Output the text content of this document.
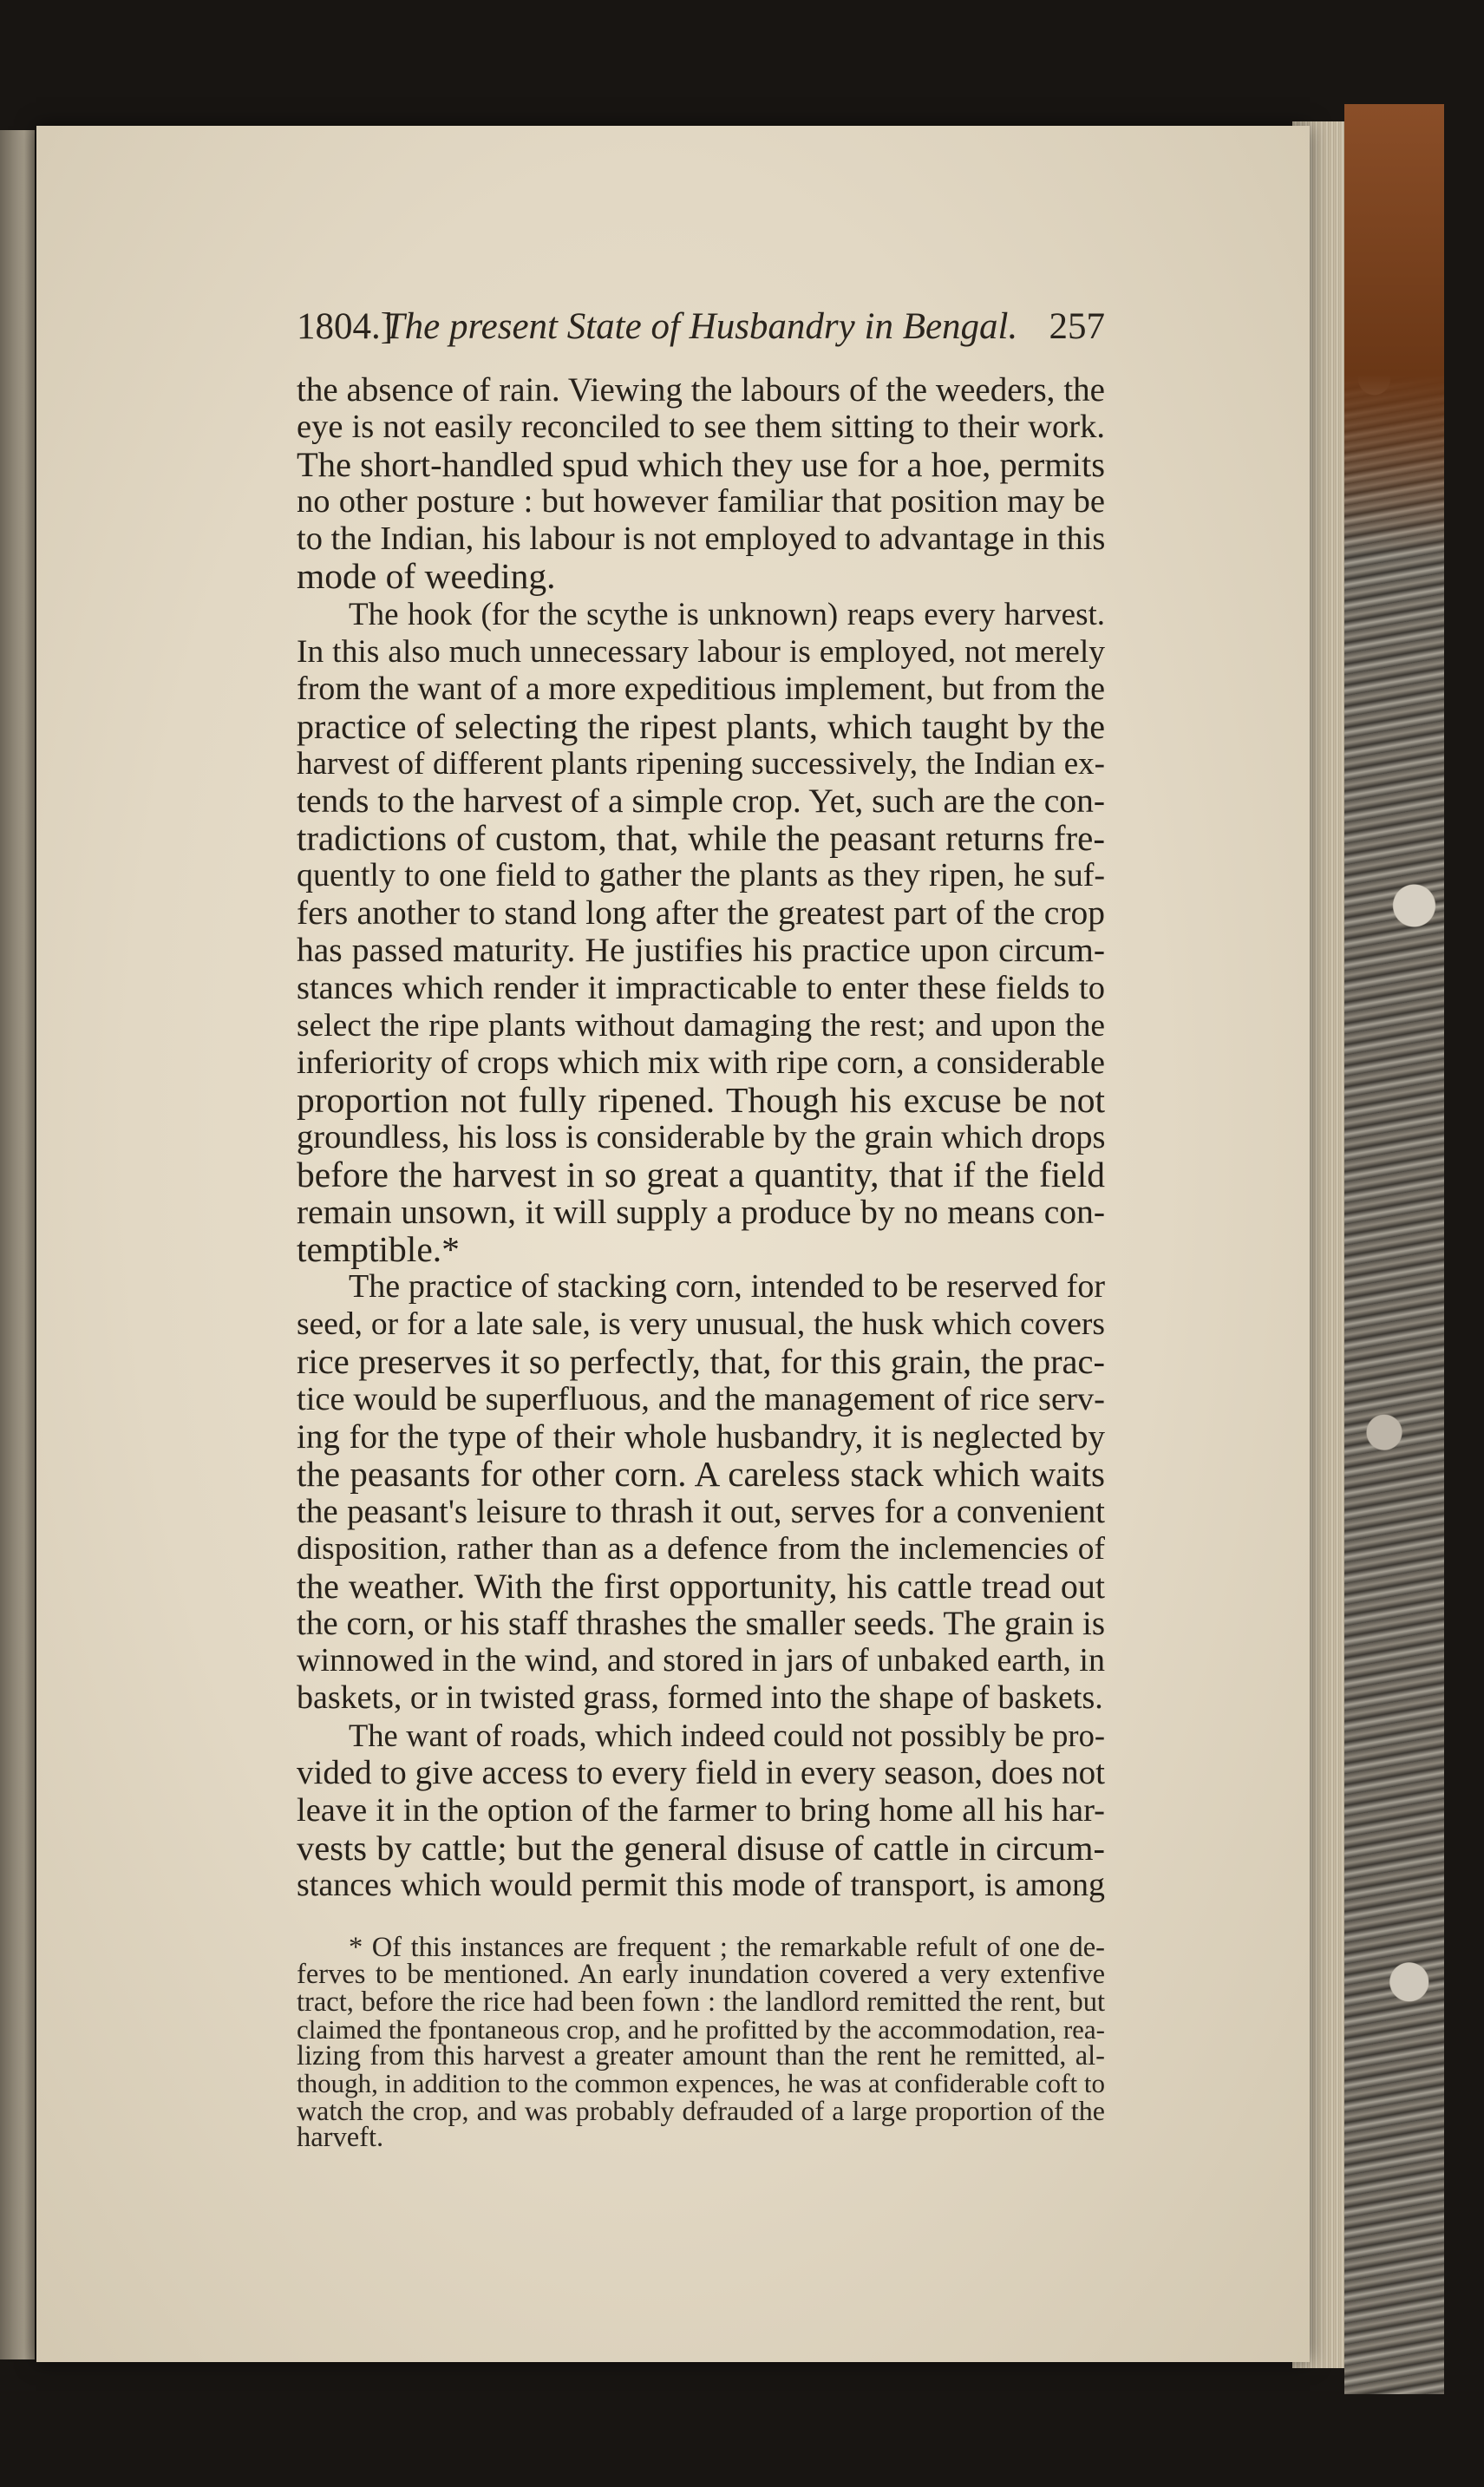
1804.]
The present State of Husbandry in Bengal. 257
the absence of rain. Viewing the labours of the weeders, the
eye is not easily reconciled to see them sitting to their work.
The short-handled spud which they use for a hoe, permits
no other posture : but however familiar that position may be
to the Indian, his labour is not employed to advantage in this
mode of weeding.
The hook (for the scythe is unknown) reaps every harvest.
In this also much unnecessary labour is employed, not merely
from the want of a more expeditious implement, but from the
practice of selecting the ripest plants, which taught by the
harvest of different plants ripening successively, the Indian ex-
tends to the harvest of a simple crop. Yet, such are the con-
tradictions of custom, that, while the peasant returns fre-
quently to one field to gather the plants as they ripen, he suf-
fers another to stand long after the greatest part of the crop
has passed maturity. He justifies his practice upon circum-
stances which render it impracticable to enter these fields to
select the ripe plants without damaging the rest; and upon the
inferiority of crops which mix with ripe corn, a considerable
proportion not fully ripened. Though his excuse be not
groundless, his loss is considerable by the grain which drops
before the harvest in so great a quantity, that if the field
remain unsown, it will supply a produce by no means con-
temptible.*
The practice of stacking corn, intended to be reserved for
seed, or for a late sale, is very unusual, the husk which covers
rice preserves it so perfectly, that, for this grain, the prac-
tice would be superfluous, and the management of rice serv-
ing for the type of their whole husbandry, it is neglected by
the peasants for other corn. A careless stack which waits
the peasant's leisure to thrash it out, serves for a convenient
disposition, rather than as a defence from the inclemencies of
the weather. With the first opportunity, his cattle tread out
the corn, or his staff thrashes the smaller seeds. The grain is
winnowed in the wind, and stored in jars of unbaked earth, in
baskets, or in twisted grass, formed into the shape of baskets.
The want of roads, which indeed could not possibly be pro-
vided to give access to every field in every season, does not
leave it in the option of the farmer to bring home all his har-
vests by cattle; but the general disuse of cattle in circum-
stances which would permit this mode of transport, is among
* Of this instances are frequent ; the remarkable refult of one de-
ferves to be mentioned. An early inundation covered a very extenfive
tract, before the rice had been fown : the landlord remitted the rent, but
claimed the fpontaneous crop, and he profitted by the accommodation, rea-
lizing from this harvest a greater amount than the rent he remitted, al-
though, in addition to the common expences, he was at confiderable coft to
watch the crop, and was probably defrauded of a large proportion of the
harveft.
